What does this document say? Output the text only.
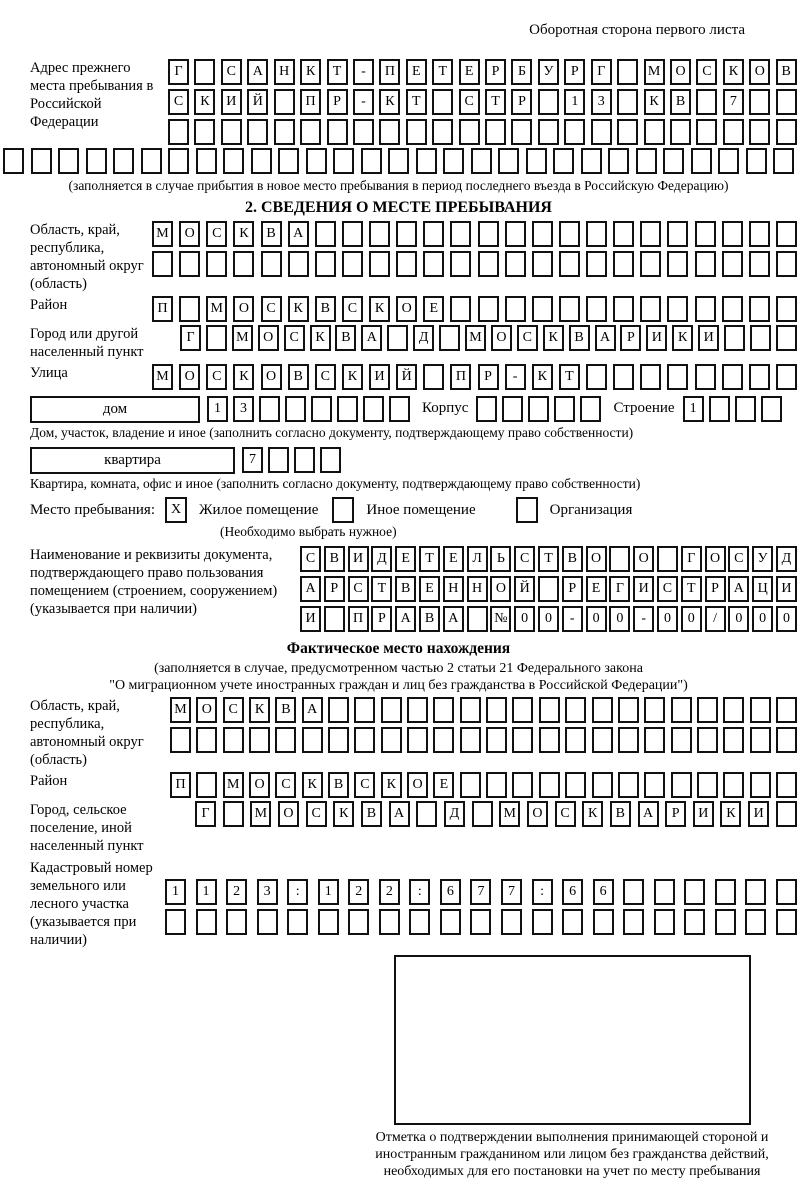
Оборотная сторона первого листа
Адрес прежнего места пребывания в Российской Федерации
Г	С	А	Н	К	Т	-	П	Е	Т	Е	Р	Б	У	Р	Г	М	О	С	К	О	В
С	К	И	Й	П	Р	-	К	Т	С	Т	Р	1	3	К	В	7
(заполняется в случае прибытия в новое место пребывания в период последнего въезда в Российскую Федерацию)
2. СВЕДЕНИЯ О МЕСТЕ ПРЕБЫВАНИЯ
Область, край, республика, автономный округ (область)
М	О	С	К	В	А
Район	П	М	О	С	К	В	С	К	О	Е
Город или другой населенный пункт
Г	М	О	С	К	В	А	Д	М	О	С	К	В	А	Р	И	К	И
Улица	М	О	С	К	О	В	С	К	И	Й	П	Р	-	К	Т
дом	1	3	Корпус	Строение	1
Дом, участок, владение и иное (заполнить согласно документу, подтверждающему право собственности)
квартира	7
Квартира, комната, офис и иное (заполнить согласно документу, подтверждающему право собственности)
Место пребывания:	X	Жилое помещение	Иное помещение	Организация
(Необходимо выбрать нужное)
Наименование и реквизиты документа, подтверждающего право пользования помещением (строением, сооружением) (указывается при наличии)
С	В	И Д	Е	Т	Е	Л	Ь	С	Т	В	О	О	Г	О	С	У	Д
А	Р	С	Т	В	Е	Н Н О Й	Р	Е	Г	И	С	Т	Р	А Ц И
И	П	Р	А	В	А	№ 0	0	-	0	0	-	0	0	/	0	0	0
Фактическое место нахождения
(заполняется в случае, предусмотренном частью 2 статьи 21 Федерального закона
"О миграционном учете иностранных граждан и лиц без гражданства в Российской Федерации")
Область, край, республика, автономный округ (область)
М	О	С	К	В	А
Район	П	М	О	С	К	В	С	К	О	Е
Город, сельское поселение, иной населенный пункт
Г	М	О	С	К	В	А	Д	М	О	С	К	В	А	Р	И	К	И
Кадастровый номер земельного или лесного участка (указывается при наличии)
1	1	2	3	:	1	2	2	:	6	7	7	:	6	6
Отметка о подтверждении выполнения принимающей стороной и иностранным гражданином или лицом без гражданства действий, необходимых для его постановки на учет по месту пребывания
